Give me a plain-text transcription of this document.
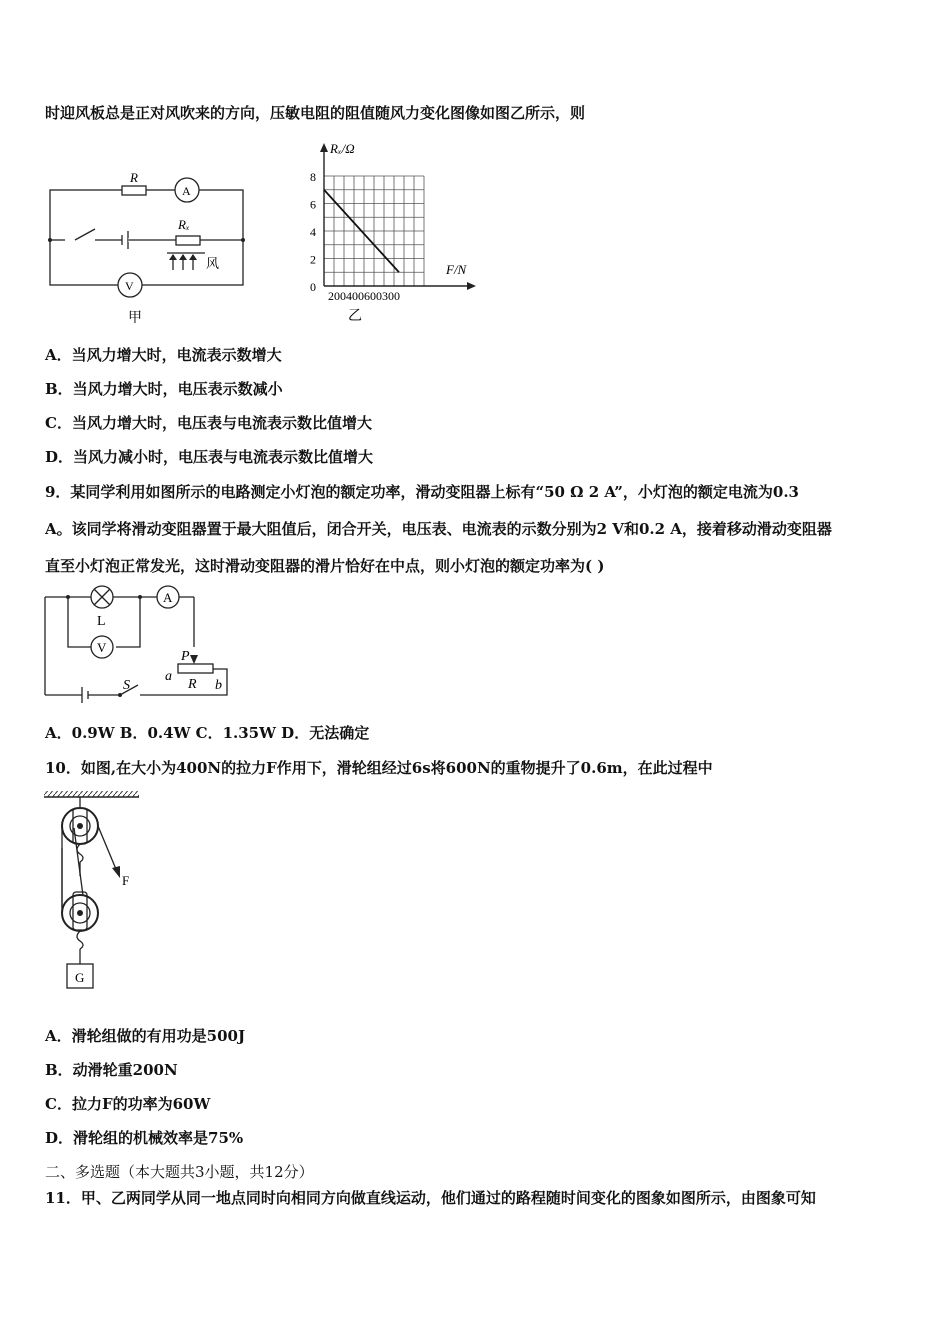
时迎风板总是正对风吹来的方向，压敏电阻的阻值随风力变化图像如图乙所示，则
R
A
Rₓ
V
风
甲
Rₓ/Ω
F/N
200400600300
乙
0
2
4
6
8
A．当风力增大时，电流表示数增大
B．当风力增大时，电压表示数减小
C．当风力增大时，电压表与电流表示数比值增大
D．当风力减小时，电压表与电流表示数比值增大
9．某同学利用如图所示的电路测定小灯泡的额定功率，滑动变阻器上标有“50 Ω 2 A”，小灯泡的额定电流为0.3
A。该同学将滑动变阻器置于最大阻值后，闭合开关，电压表、电流表的示数分别为2 V和0.2 A，接着移动滑动变阻器
直至小灯泡正常发光，这时滑动变阻器的滑片恰好在中点，则小灯泡的额定功率为( )
A
L
V
P
S
a
R b
A．0.9W B．0.4W C．1.35W D．无法确定
10．如图,在大小为400N的拉力F作用下，滑轮组经过6s将600N的重物提升了0.6m，在此过程中
F
G
A．滑轮组做的有用功是500J
B．动滑轮重200N
C．拉力F的功率为60W
D．滑轮组的机械效率是75%
二、多选题（本大题共3小题，共12分）
11．甲、乙两同学从同一地点同时向相同方向做直线运动，他们通过的路程随时间变化的图象如图所示，由图象可知
